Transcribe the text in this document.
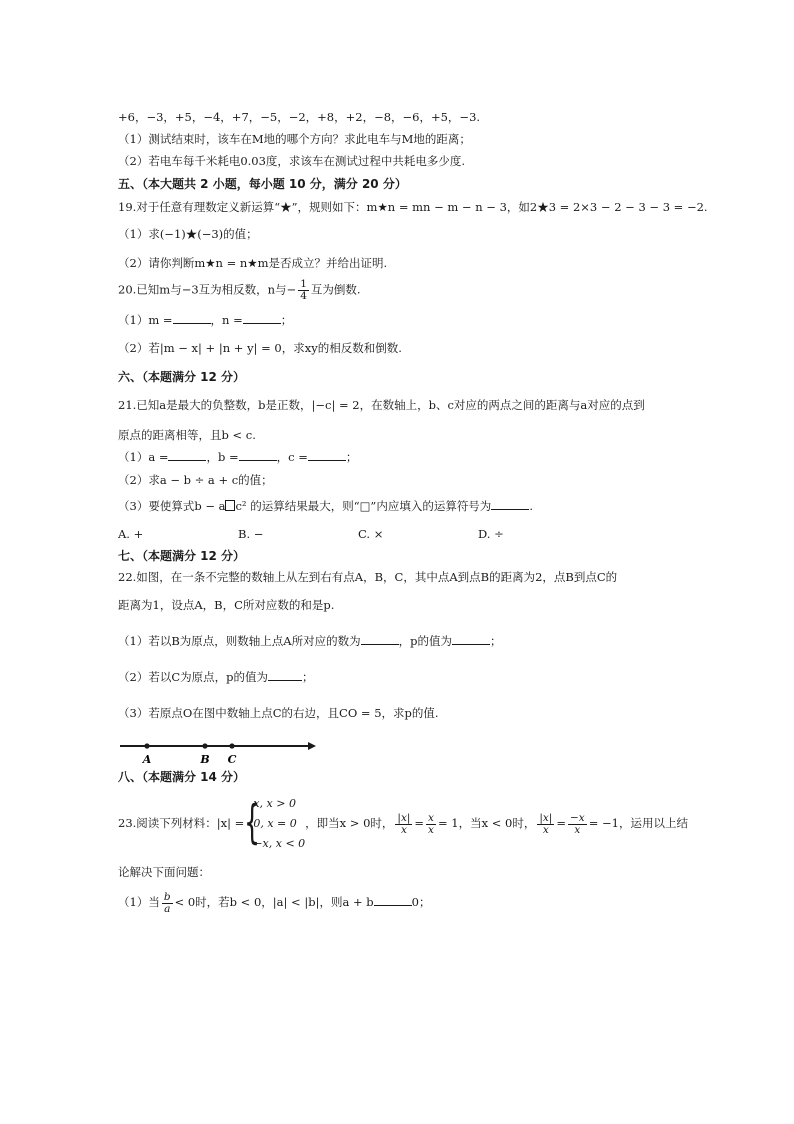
+6，−3，+5，−4，+7，−5，−2，+8，+2，−8，−6，+5，−3.
（1）测试结束时，该车在M地的哪个方向？求此电车与M地的距离；
（2）若电车每千米耗电0.03度，求该车在测试过程中共耗电多少度.
五、（本大题共 2 小题，每小题 10 分，满分 20 分）
19.对于任意有理数定义新运算“★”，规则如下：m★n = mn − m − n − 3，如2★3 = 2×3 − 2 − 3 − 3 = −2.
（1）求(−1)★(−3)的值；
（2）请你判断m★n = n★m是否成立？并给出证明.
20.已知m与−3互为相反数，n与− $\frac{1}{4}$ 互为倒数.
（1）m =	，n =	；
（2）若|m − x| + |n + y| = 0，求xy的相反数和倒数.
六、（本题满分 12 分）
21.已知a是最大的负整数，b是正数，|−c| = 2，在数轴上，b、c对应的两点之间的距离与a对应的点到
原点的距离相等，且b < c.
（1）a =	，b =	，c =	；
（2）求a − b ÷ a + c的值；
（3）要使算式b − a c² 的运算结果最大，则“□”内应填入的运算符号为	.
A. +	B. −	C. ×	D. ÷
七、（本题满分 12 分）
22.如图，在一条不完整的数轴上从左到右有点A，B，C，其中点A到点B的距离为2，点B到点C的
距离为1，设点A，B，C所对应数的和是p.
（1）若以B为原点，则数轴上点A所对应的数为	，p的值为	；
（2）若以C为原点，p的值为	；
（3）若原点O在图中数轴上点C的右边，且CO = 5，求p的值.
A	B C
八、（本题满分 14 分）
23.阅读下列材料：|x| = {
x, x > 0
0, x = 0
−x, x < 0
，即当x > 0时， $\frac{|x|}{x} = \frac{x}{x} = 1$，当x < 0时， $\frac{|x|}{x} = \frac{-x}{x} = -1$，运用以上结
论解决下面问题：
（1）当 $\frac{b}{a} < 0$时，若b < 0，|a| < |b|，则a + b	0；
